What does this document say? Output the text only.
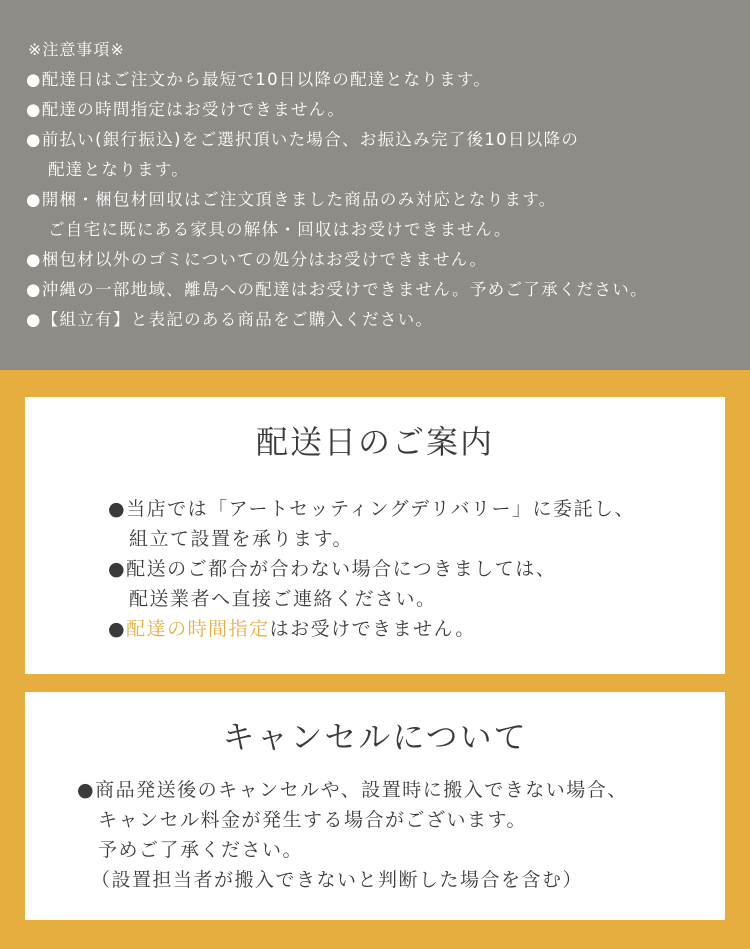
※注意事項※
●配達日はご注文から最短で10日以降の配達となります。
●配達の時間指定はお受けできません。
●前払い(銀行振込)をご選択頂いた場合、お振込み完了後10日以降の
配達となります。
●開梱・梱包材回収はご注文頂きました商品のみ対応となります。
ご自宅に既にある家具の解体・回収はお受けできません。
●梱包材以外のゴミについての処分はお受けできません。
●沖縄の一部地域、離島への配達はお受けできません。予めご了承ください。
●【組立有】と表記のある商品をご購入ください。
配送日のご案内
●当店では「アートセッティングデリバリー」に委託し、
組立て設置を承ります。
●配送のご都合が合わない場合につきましては、
配送業者へ直接ご連絡ください。
●配達の時間指定はお受けできません。
キャンセルについて
●商品発送後のキャンセルや、設置時に搬入できない場合、
キャンセル料金が発生する場合がございます。
予めご了承ください。
（設置担当者が搬入できないと判断した場合を含む）
